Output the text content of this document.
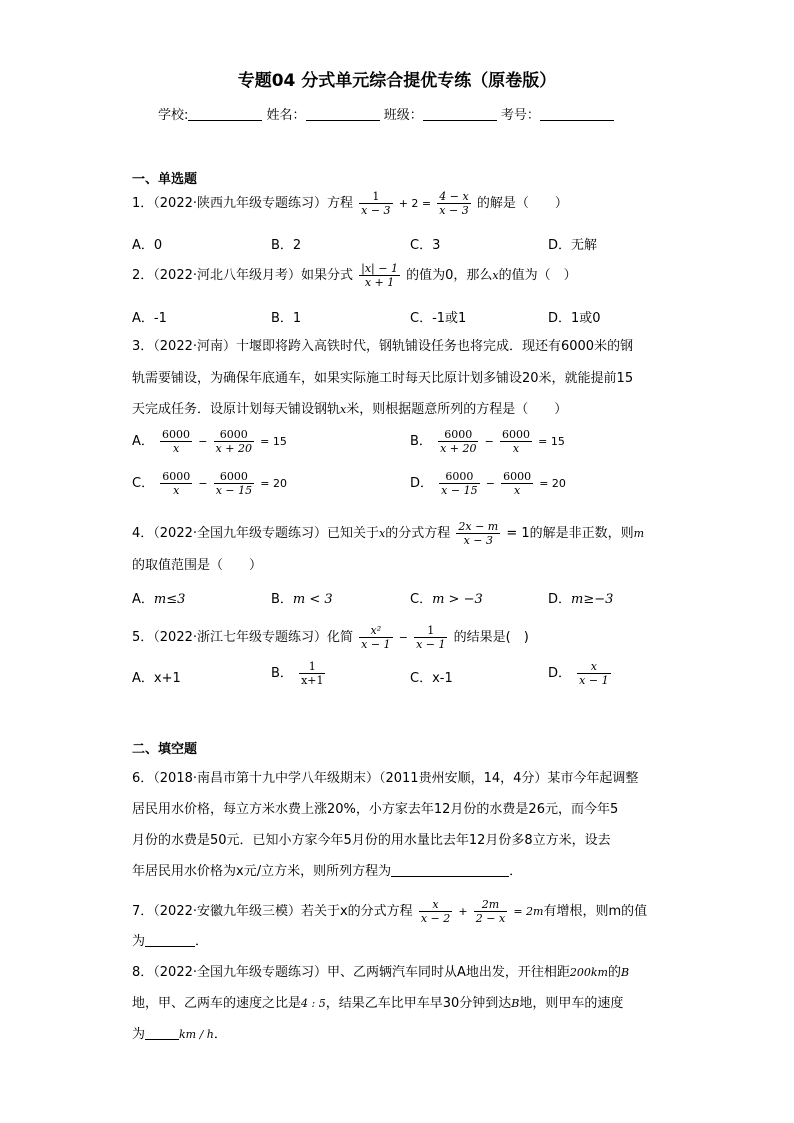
专题04 分式单元综合提优专练（原卷版）
学校:	姓名：	班级：	考号：
一、单选题
1．（2022·陕西九年级专题练习）方程 $\frac{1}{x - 3} + 2 = \frac{4 - x}{x - 3}$ 的解是（　　）
A．0	B．2	C．3	D．无解
2．（2022·河北八年级月考）如果分式 $\frac{|x| - 1}{x + 1}$ 的值为0，那么x的值为（　）
A．-1	B．1	C．-1或1	D．1或0
3．（2022·河南）十堰即将跨入高铁时代，钢轨铺设任务也将完成．现还有6000米的钢
轨需要铺设，为确保年底通车，如果实际施工时每天比原计划多铺设20米，就能提前15
天完成任务．设原计划每天铺设钢轨x米，则根据题意所列的方程是（　　）
A． $\frac{6000}{x} - \frac{6000}{x + 20} = 15$	B． $\frac{6000}{x + 20} - \frac{6000}{x} = 15$
C． $\frac{6000}{x} - \frac{6000}{x - 15} = 20$	D． $\frac{6000}{x - 15} - \frac{6000}{x} = 20$
4．（2022·全国九年级专题练习）已知关于x的分式方程 $\frac{2x - m}{x - 3} = 1$的解是非正数，则m
的取值范围是（　　）
A．m≤3	B．m < 3	C．m > −3	D．m≥−3
5．（2022·浙江七年级专题练习）化简 $\frac{\text{x²}}{x - 1} - \frac{1}{x - 1}$ 的结果是(　)
A．x+1	B． $\frac{1}{x+1}$	C．x-1	D． $\frac{x}{x - 1}$
二、填空题
6．（2018·南昌市第十九中学八年级期末）（2011贵州安顺，14，4分）某市今年起调整
居民用水价格，每立方米水费上涨20%，小方家去年12月份的水费是26元，而今年5
月份的水费是50元．已知小方家今年5月份的用水量比去年12月份多8立方米，设去
年居民用水价格为x元/立方米，则所列方程为	．
7．（2022·安徽九年级三模）若关于x的分式方程 $\frac{x}{x - 2} + \frac{2m}{2 - x} = 2m$有增根，则m的值
为	．
8．（2022·全国九年级专题练习）甲、乙两辆汽车同时从A地出发，开往相距200km的B
地，甲、乙两车的速度之比是4 : 5，结果乙车比甲车早30分钟到达B地，则甲车的速度
为	km / h．
